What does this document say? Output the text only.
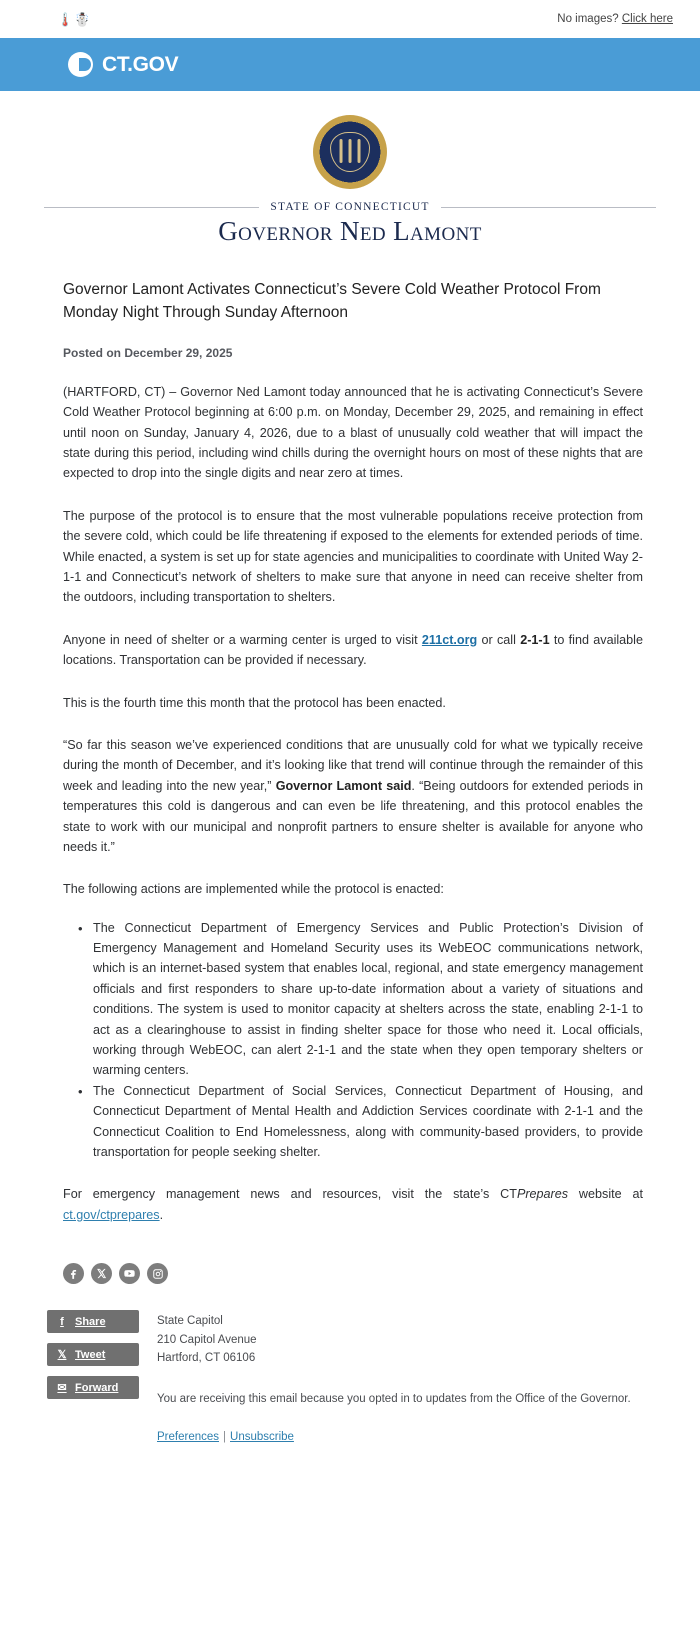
🌡️☃️	No images? Click here
CT.GOV
STATE OF CONNECTICUT
Governor Ned Lamont
Governor Lamont Activates Connecticut’s Severe Cold Weather Protocol From Monday Night Through Sunday Afternoon
Posted on December 29, 2025

(HARTFORD, CT) – Governor Ned Lamont today announced that he is activating Connecticut’s Severe Cold Weather Protocol beginning at 6:00 p.m. on Monday, December 29, 2025, and remaining in effect until noon on Sunday, January 4, 2026, due to a blast of unusually cold weather that will impact the state during this period, including wind chills during the overnight hours on most of these nights that are expected to drop into the single digits and near zero at times.

The purpose of the protocol is to ensure that the most vulnerable populations receive protection from the severe cold, which could be life threatening if exposed to the elements for extended periods of time. While enacted, a system is set up for state agencies and municipalities to coordinate with United Way 2-1-1 and Connecticut’s network of shelters to make sure that anyone in need can receive shelter from the outdoors, including transportation to shelters.

Anyone in need of shelter or a warming center is urged to visit 211ct.org or call 2-1-1 to find available locations. Transportation can be provided if necessary.

This is the fourth time this month that the protocol has been enacted.

“So far this season we’ve experienced conditions that are unusually cold for what we typically receive during the month of December, and it’s looking like that trend will continue through the remainder of this week and leading into the new year,” Governor Lamont said. “Being outdoors for extended periods in temperatures this cold is dangerous and can even be life threatening, and this protocol enables the state to work with our municipal and nonprofit partners to ensure shelter is available for anyone who needs it.”

The following actions are implemented while the protocol is enacted:

• The Connecticut Department of Emergency Services and Public Protection’s Division of Emergency Management and Homeland Security uses its WebEOC communications network, which is an internet-based system that enables local, regional, and state emergency management officials and first responders to share up-to-date information about a variety of situations and conditions. The system is used to monitor capacity at shelters across the state, enabling 2-1-1 to act as a clearinghouse to assist in finding shelter space for those who need it. Local officials, working through WebEOC, can alert 2-1-1 and the state when they open temporary shelters or warming centers.
• The Connecticut Department of Social Services, Connecticut Department of Housing, and Connecticut Department of Mental Health and Addiction Services coordinate with 2-1-1 and the Connecticut Coalition to End Homelessness, along with community-based providers, to provide transportation for people seeking shelter.

For emergency management news and resources, visit the state’s CTPrepares website at ct.gov/ctprepares.

f	Share
𝕏 Tweet
✉ Forward
State Capitol
210 Capitol Avenue
Hartford, CT 06106
You are receiving this email because you opted in to updates from the Office of the Governor.
Preferences | Unsubscribe
